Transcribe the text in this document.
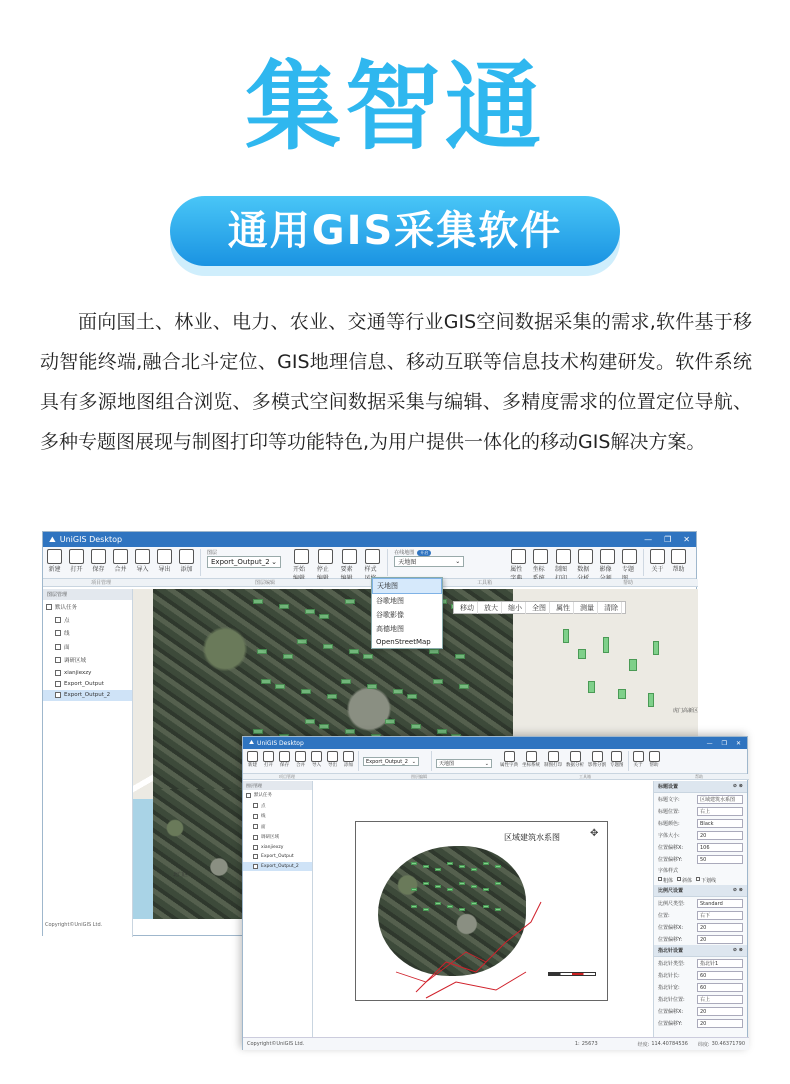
集智通
通用GIS采集软件

面向国土、林业、电力、农业、交通等行业GIS空间数据采集的需求,软件基于移动智能终端,融合北斗定位、GIS地理信息、移动互联等信息技术构建研发。软件系统具有多源地图组合浏览、多模式空间数据采集与编辑、多精度需求的位置定位导航、多种专题图展现与制图打印等功能特色,为用户提供一体化的移动GIS解决方案。

⛰ UniGIS Desktop	— ❐ ✕
新建 打开 保存 合并 导入 导出 添加
图层
Export_Output_2 ⌄
开始	停止	要素	样式
在线地图	开启
天地图	⌄
属性	坐标	制图	数据	影像	专题	关于 帮助
项目管理	图层编辑	工具箱	帮助
图层管理
默认任务
点
线
面
调研区域
xianjiexzy
Export_Output
Export_Output_2
虎门高新区
北门区
移动	放大	缩小	全图	属性	测量	清除
天地图
谷歌地图
谷歌影像
高德地图
OpenStreetMap
Copyright©UniGIS Ltd.
⛰ UniGIS Desktop	— ❐ ✕
新建 打开 保存 合并 导入 导出 添加
Export_Output_2 ⌄	天地图	⌄ 属性字典 坐标系统 制图打印 数据分析 影像分割 专题图 关于 帮助
项目管理	图层编辑	工具箱	帮助
图层管理
默认任务
点
线
面
调研区域
xianjiexzy
Export_Output
Export_Output_2
区域建筑水系图	✥
标题设置	⊘ ⊗
标题文字:	区域建筑水系图
标题位置:	右上
标题颜色:	Black
字体大小:	20
位置偏移X:	106
位置偏移Y:	50
字体样式
粗体 斜体 下划线
比例尺设置	⊘ ⊗
比例尺类型:	Standard
位置:	右下
位置偏移X:	20
位置偏移Y:	20
指北针设置	⊘ ⊗
指北针类型:	指北针1
指北针长:	60
指北针宽:	60
指北针位置:	右上
位置偏移X:	20
位置偏移Y:	20
Copyright©UniGIS Ltd.	1: 25673	经度: 114.40784536 纬度: 30.46371790
